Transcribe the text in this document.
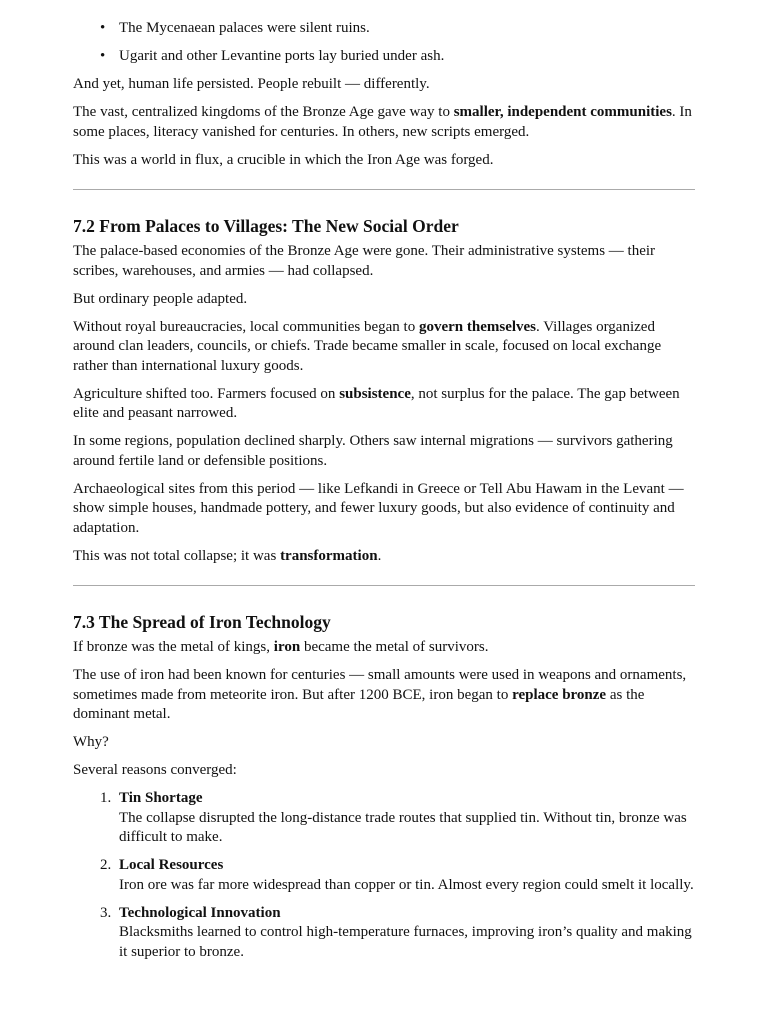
• The Mycenaean palaces were silent ruins.
• Ugarit and other Levantine ports lay buried under ash.

And yet, human life persisted. People rebuilt — differently.

The vast, centralized kingdoms of the Bronze Age gave way to smaller, independent communities. In some places, literacy vanished for centuries. In others, new scripts emerged.

This was a world in flux, a crucible in which the Iron Age was forged.

7.2 From Palaces to Villages: The New Social Order

The palace-based economies of the Bronze Age were gone. Their administrative systems — their scribes, warehouses, and armies — had collapsed.

But ordinary people adapted.

Without royal bureaucracies, local communities began to govern themselves. Villages organized around clan leaders, councils, or chiefs. Trade became smaller in scale, focused on local exchange rather than international luxury goods.

Agriculture shifted too. Farmers focused on subsistence, not surplus for the palace. The gap between elite and peasant narrowed.

In some regions, population declined sharply. Others saw internal migrations — survivors gathering around fertile land or defensible positions.

Archaeological sites from this period — like Lefkandi in Greece or Tell Abu Hawam in the Levant — show simple houses, handmade pottery, and fewer luxury goods, but also evidence of continuity and adaptation.

This was not total collapse; it was transformation.

7.3 The Spread of Iron Technology

If bronze was the metal of kings, iron became the metal of survivors.

The use of iron had been known for centuries — small amounts were used in weapons and ornaments, sometimes made from meteorite iron. But after 1200 BCE, iron began to replace bronze as the dominant metal.

Why?

Several reasons converged:

1. Tin Shortage
The collapse disrupted the long-distance trade routes that supplied tin. Without tin, bronze was difficult to make.
2. Local Resources
Iron ore was far more widespread than copper or tin. Almost every region could smelt it locally.
3. Technological Innovation
Blacksmiths learned to control high-temperature furnaces, improving iron’s quality and making it superior to bronze.
